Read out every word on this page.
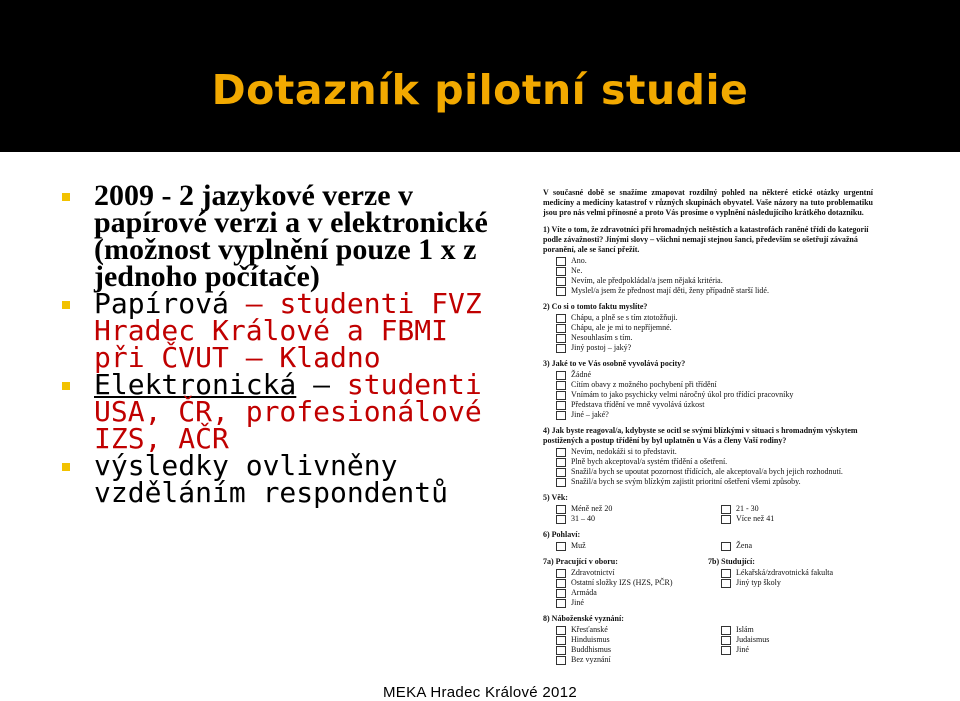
Dotazník pilotní studie
2009 - 2 jazykové verze v papírové verzi a v elektronické (možnost vyplnění pouze 1 x z jednoho počítače)
Papírová – studenti FVZ Hradec Králové a FBMI při ČVUT – Kladno
Elektronická – studenti USA, ČR, profesionálové IZS, AČR
výsledky ovlivněny vzděláním respondentů
V současné době se snažíme zmapovat rozdílný pohled na některé etické otázky urgentní medicíny a medicíny katastrof v různých skupinách obyvatel. Vaše názory na tuto problematiku jsou pro nás velmi přínosné a proto Vás prosíme o vyplnění následujícího krátkého dotazníku.
1) Víte o tom, že zdravotníci při hromadných neštěstích a katastrofách raněné třídí do kategorií podle závažnosti? Jinými slovy – všichni nemají stejnou šanci, především se ošetřují závažná poranění, ale se šancí přežít.
Ano.
Ne.
Nevím, ale předpokládal/a jsem nějaká kritéria.
Myslel/a jsem že přednost mají děti, ženy případně starší lidé.
2) Co si o tomto faktu myslíte?
Chápu, a plně se s tím ztotožňuji.
Chápu, ale je mi to nepříjemné.
Nesouhlasím s tím.
Jiný postoj – jaký?
3) Jaké to ve Vás osobně vyvolává pocity?
Žádné
Cítím obavy z možného pochybení při třídění
Vnímám to jako psychicky velmi náročný úkol pro třídící pracovníky
Představa třídění ve mně vyvolává úzkost
Jiné – jaké?
4) Jak byste reagoval/a, kdybyste se ocitl se svými blízkými v situaci s hromadným výskytem postižených a postup třídění by byl uplatněn u Vás a členy Vaší rodiny?
Nevím, nedokáži si to představit.
Plně bych akceptoval/a systém třídění a ošetření.
Snažil/a bych se upoutat pozornost třídících, ale akceptoval/a bych jejich rozhodnutí.
Snažil/a bych se svým blízkým zajistit prioritní ošetření všemi způsoby.
5) Věk:
Méně než 20
31 – 40
21 - 30
Více než 41
6) Pohlaví:
Muž	Žena
7a) Pracující v oboru:
Zdravotnictví
Ostatní složky IZS (HZS, PČR)
Armáda
Jiné
7b) Studující:
Lékařská/zdravotnická fakulta
Jiný typ školy
8) Náboženské vyznání:
Křesťanské
Hinduismus
Buddhismus
Bez vyznání
Islám
Judaismus
Jiné
MEKA Hradec Králové 2012
